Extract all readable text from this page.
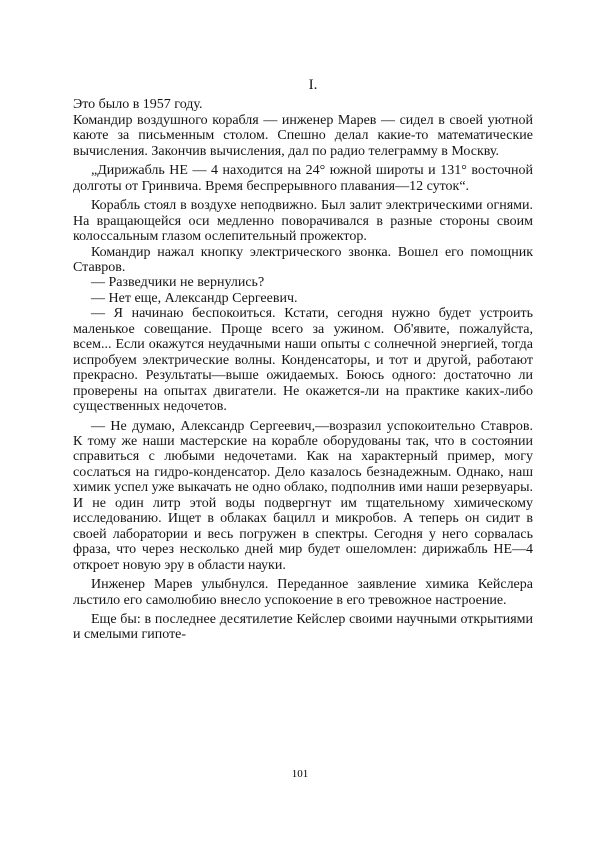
I.

Это было в 1957 году.

Командир воздушного корабля — инженер Марев — сидел в своей уютной каюте за письменным столом. Спешно делал какие-то математические вычисления. Закончив вычисления, дал по радио телеграмму в Москву.

„Дирижабль НЕ — 4 находится на 24° южной широты и 131° восточной долготы от Гринвича. Время беспрерывного плавания—12 суток“.

Корабль стоял в воздухе неподвижно. Был залит электрическими огнями. На вращающейся оси медленно поворачивался в разные стороны своим колоссальным глазом ослепительный прожектор.

Командир нажал кнопку электрического звонка. Вошел его помощник Ставров.

— Разведчики не вернулись?

— Нет еще, Александр Сергеевич.

— Я начинаю беспокоиться. Кстати, сегодня нужно будет устроить маленькое совещание. Проще всего за ужином. Об'явите, пожалуйста, всем... Если окажутся неудачными наши опыты с солнечной энергией, тогда испробуем электрические волны. Конденсаторы, и тот и другой, работают прекрасно. Результаты—выше ожидаемых. Боюсь одного: достаточно ли проверены на опытах двигатели. Не окажется-ли на практике каких-либо существенных недочетов.

— Не думаю, Александр Сергеевич,—возразил успокоительно Ставров. К тому же наши мастерские на корабле оборудованы так, что в состоянии справиться с любыми недочетами. Как на характерный пример, могу сослаться на гидро-конденсатор. Дело казалось безнадежным. Однако, наш химик успел уже выкачать не одно облако, подполнив ими наши резервуары. И не один литр этой воды подвергнут им тщательному химическому исследованию. Ищет в облаках бацилл и микробов. А теперь он сидит в своей лаборатории и весь погружен в спектры. Сегодня у него сорвалась фраза, что через несколько дней мир будет ошеломлен: дирижабль НЕ—4 откроет новую эру в области науки.

Инженер Марев улыбнулся. Переданное заявление химика Кейслера льстило его самолюбию внесло успокоение в его тревожное настроение.

Еще бы: в последнее десятилетие Кейслер своими научными открытиями и смелыми гипоте-

101
